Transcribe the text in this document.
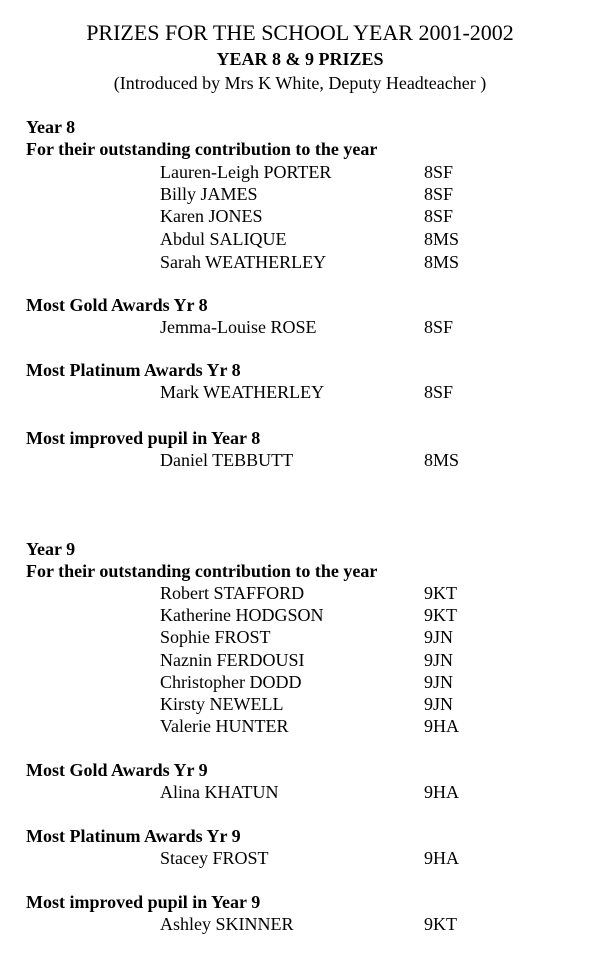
PRIZES FOR THE SCHOOL YEAR 2001-2002
YEAR 8 & 9 PRIZES
(Introduced by Mrs K White, Deputy Headteacher )
Year 8
For their outstanding contribution to the year
Lauren-Leigh PORTER	8SF
Billy JAMES	8SF
Karen JONES	8SF
Abdul SALIQUE	8MS
Sarah WEATHERLEY	8MS
Most Gold Awards Yr 8
Jemma-Louise ROSE	8SF
Most Platinum Awards Yr 8
Mark WEATHERLEY	8SF
Most improved pupil in Year 8
Daniel TEBBUTT	8MS
Year 9
For their outstanding contribution to the year
Robert STAFFORD	9KT
Katherine HODGSON	9KT
Sophie FROST	9JN
Naznin FERDOUSI	9JN
Christopher DODD	9JN
Kirsty NEWELL	9JN
Valerie HUNTER	9HA
Most Gold Awards Yr 9
Alina KHATUN	9HA
Most Platinum Awards Yr 9
Stacey FROST	9HA
Most improved pupil in Year 9
Ashley SKINNER	9KT
